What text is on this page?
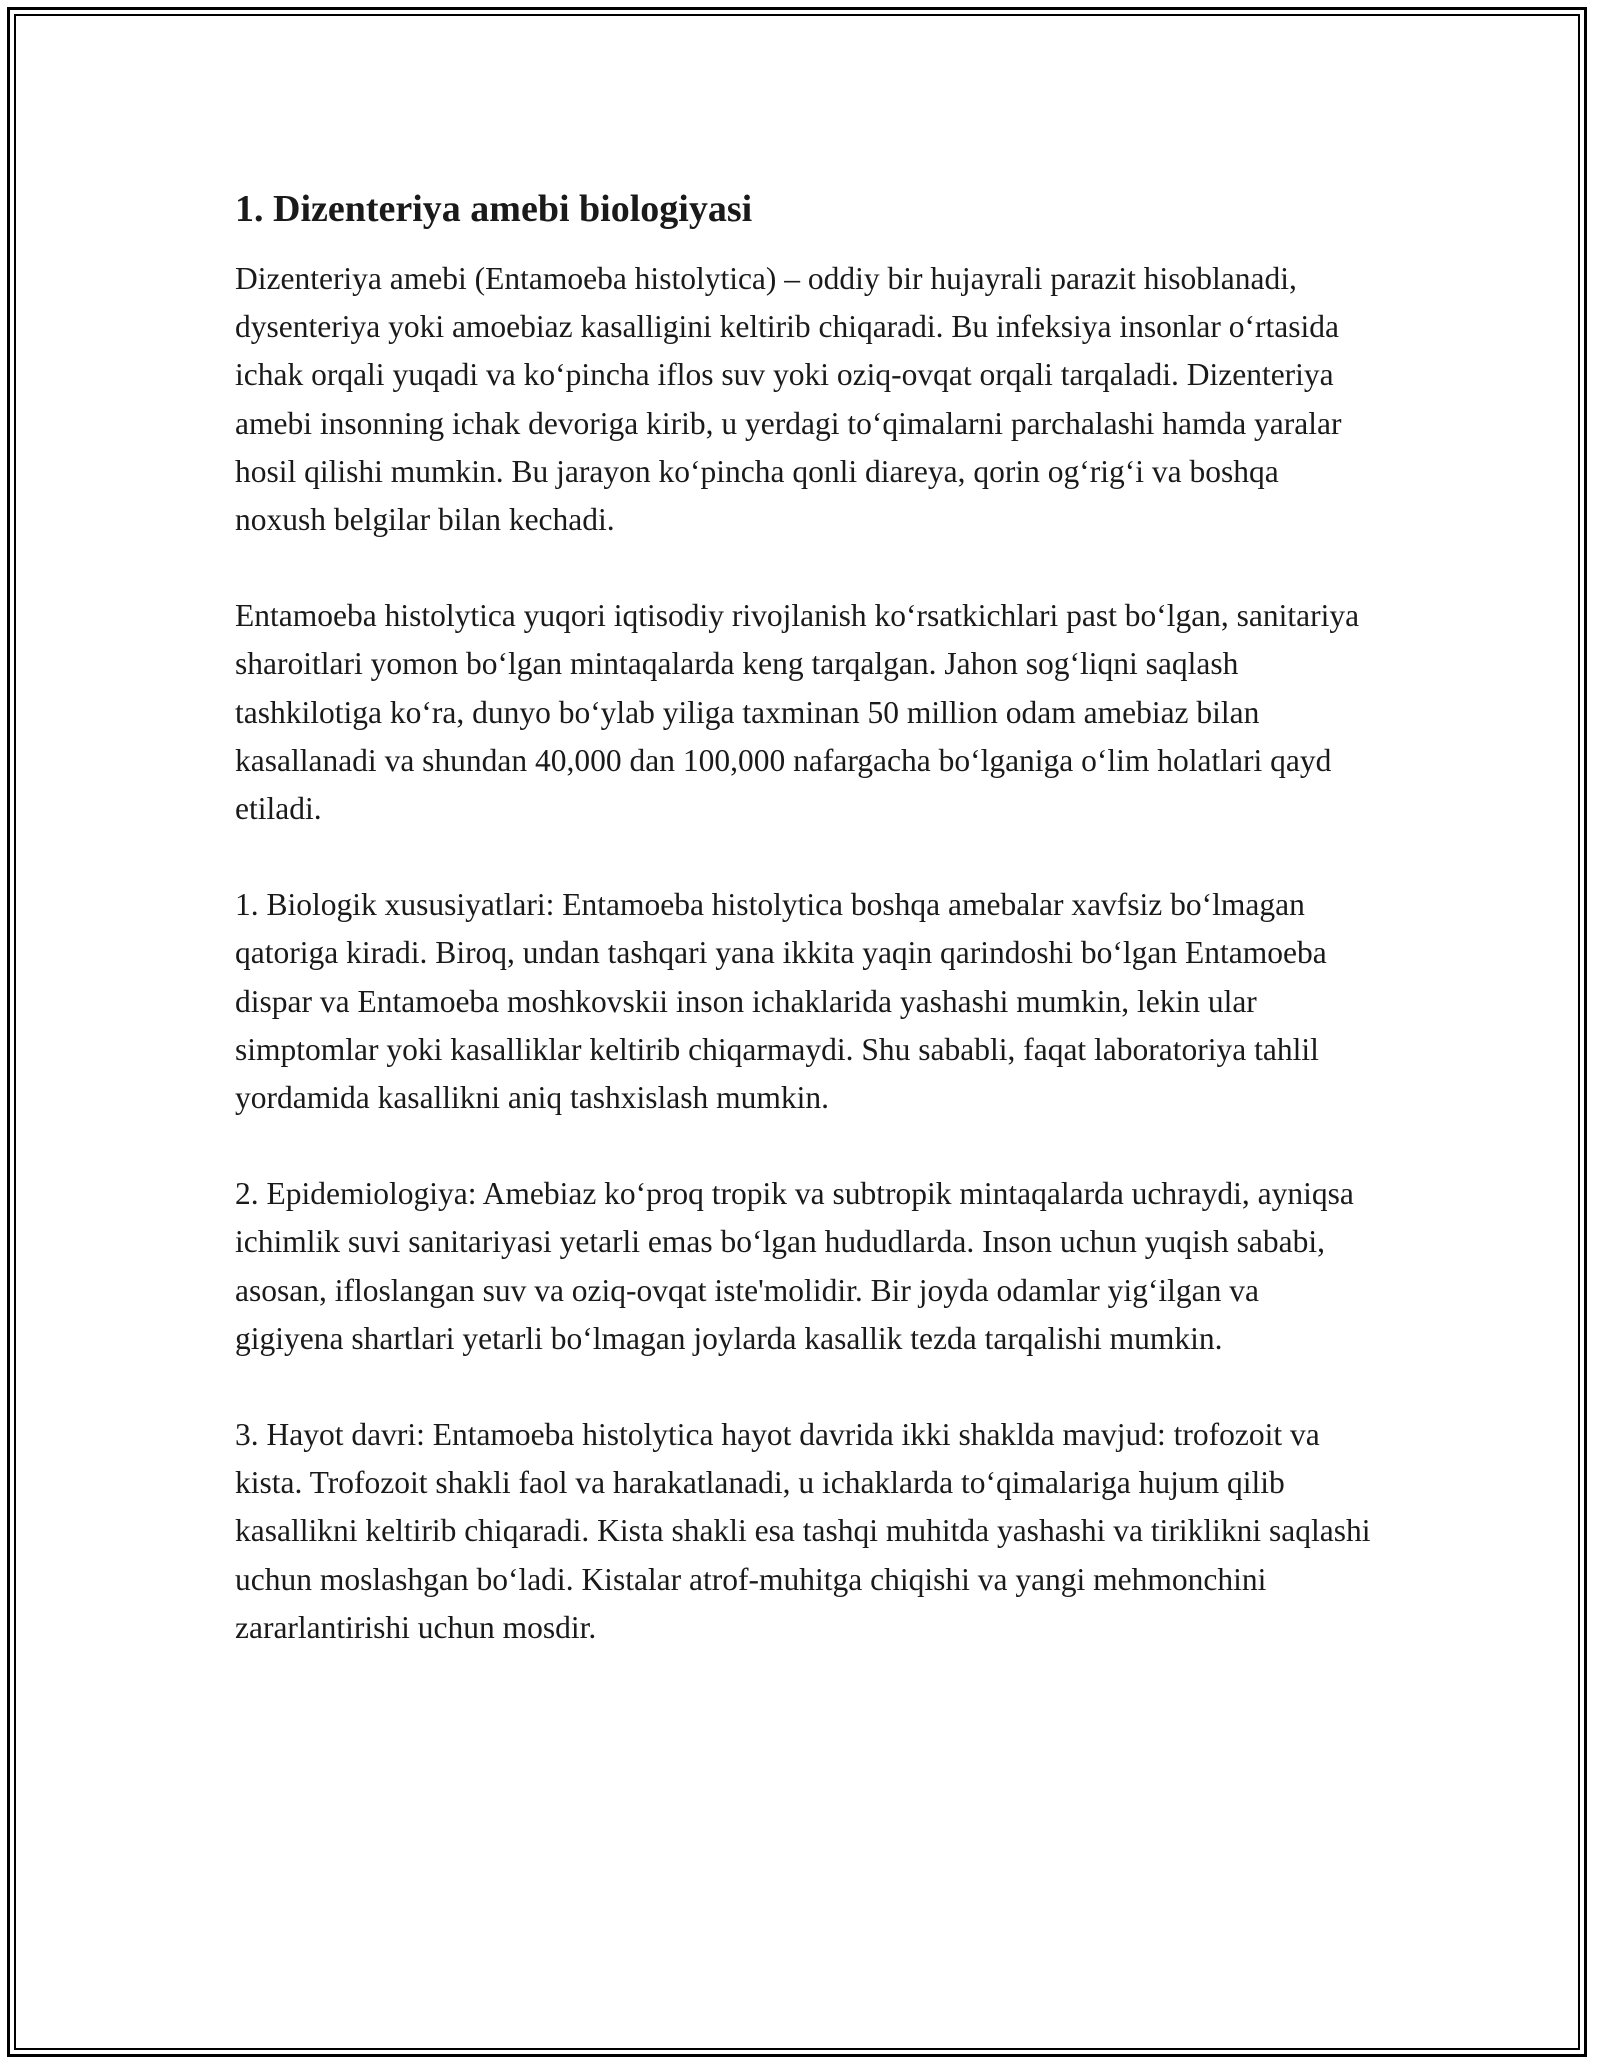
1. Dizenteriya amebi biologiyasi

Dizenteriya amebi (Entamoeba histolytica) – oddiy bir hujayrali parazit hisoblanadi, dysenteriya yoki amoebiaz kasalligini keltirib chiqaradi. Bu infeksiya insonlar o‘rtasida ichak orqali yuqadi va ko‘pincha iflos suv yoki oziq-ovqat orqali tarqaladi. Dizenteriya amebi insonning ichak devoriga kirib, u yerdagi to‘qimalarni parchalashi hamda yaralar hosil qilishi mumkin. Bu jarayon ko‘pincha qonli diareya, qorin og‘rig‘i va boshqa noxush belgilar bilan kechadi.

Entamoeba histolytica yuqori iqtisodiy rivojlanish ko‘rsatkichlari past bo‘lgan, sanitariya sharoitlari yomon bo‘lgan mintaqalarda keng tarqalgan. Jahon sog‘liqni saqlash tashkilotiga ko‘ra, dunyo bo‘ylab yiliga taxminan 50 million odam amebiaz bilan kasallanadi va shundan 40,000 dan 100,000 nafargacha bo‘lganiga o‘lim holatlari qayd etiladi.

1. Biologik xususiyatlari: Entamoeba histolytica boshqa amebalar xavfsiz bo‘lmagan qatoriga kiradi. Biroq, undan tashqari yana ikkita yaqin qarindoshi bo‘lgan Entamoeba dispar va Entamoeba moshkovskii inson ichaklarida yashashi mumkin, lekin ular simptomlar yoki kasalliklar keltirib chiqarmaydi. Shu sababli, faqat laboratoriya tahlil yordamida kasallikni aniq tashxislash mumkin.

2. Epidemiologiya: Amebiaz ko‘proq tropik va subtropik mintaqalarda uchraydi, ayniqsa ichimlik suvi sanitariyasi yetarli emas bo‘lgan hududlarda. Inson uchun yuqish sababi, asosan, ifloslangan suv va oziq-ovqat iste'molidir. Bir joyda odamlar yig‘ilgan va gigiyena shartlari yetarli bo‘lmagan joylarda kasallik tezda tarqalishi mumkin.

3. Hayot davri: Entamoeba histolytica hayot davrida ikki shaklda mavjud: trofozoit va kista. Trofozoit shakli faol va harakatlanadi, u ichaklarda to‘qimalariga hujum qilib kasallikni keltirib chiqaradi. Kista shakli esa tashqi muhitda yashashi va tiriklikni saqlashi uchun moslashgan bo‘ladi. Kistalar atrof-muhitga chiqishi va yangi mehmonchini zararlantirishi uchun mosdir.
